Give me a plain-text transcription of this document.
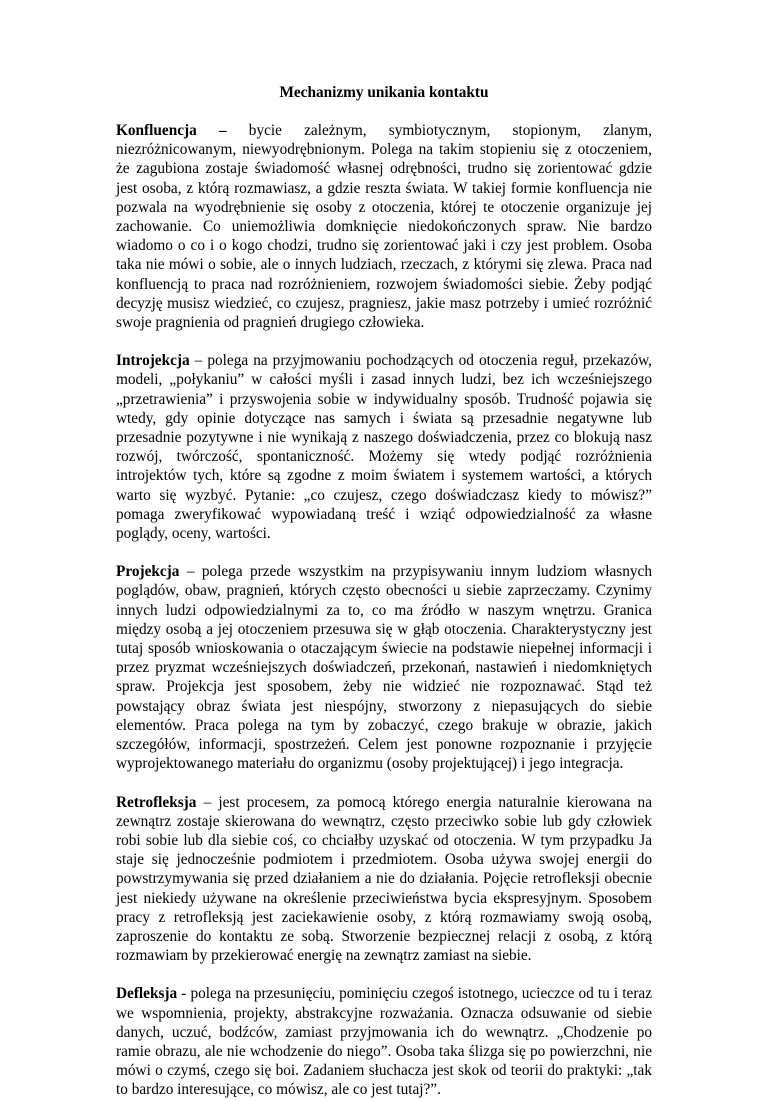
Mechanizmy unikania kontaktu

Konfluencja – bycie zależnym, symbiotycznym, stopionym, zlanym, niezróżnicowanym, niewyodrębnionym. Polega na takim stopieniu się z otoczeniem, że zagubiona zostaje świadomość własnej odrębności, trudno się zorientować gdzie jest osoba, z którą rozmawiasz, a gdzie reszta świata. W takiej formie konfluencja nie pozwala na wyodrębnienie się osoby z otoczenia, której te otoczenie organizuje jej zachowanie. Co uniemożliwia domknięcie niedokończonych spraw. Nie bardzo wiadomo o co i o kogo chodzi, trudno się zorientować jaki i czy jest problem. Osoba taka nie mówi o sobie, ale o innych ludziach, rzeczach, z którymi się zlewa. Praca nad konfluencją to praca nad rozróżnieniem, rozwojem świadomości siebie. Żeby podjąć decyzję musisz wiedzieć, co czujesz, pragniesz, jakie masz potrzeby i umieć rozróżnić swoje pragnienia od pragnień drugiego człowieka.

Introjekcja – polega na przyjmowaniu pochodzących od otoczenia reguł, przekazów, modeli, „połykaniu” w całości myśli i zasad innych ludzi, bez ich wcześniejszego „przetrawienia” i przyswojenia sobie w indywidualny sposób. Trudność pojawia się wtedy, gdy opinie dotyczące nas samych i świata są przesadnie negatywne lub przesadnie pozytywne i nie wynikają z naszego doświadczenia, przez co blokują nasz rozwój, twórczość, spontaniczność. Możemy się wtedy podjąć rozróżnienia introjektów tych, które są zgodne z moim światem i systemem wartości, a których warto się wyzbyć. Pytanie: „co czujesz, czego doświadczasz kiedy to mówisz?” pomaga zweryfikować wypowiadaną treść i wziąć odpowiedzialność za własne poglądy, oceny, wartości.

Projekcja – polega przede wszystkim na przypisywaniu innym ludziom własnych poglądów, obaw, pragnień, których często obecności u siebie zaprzeczamy. Czynimy innych ludzi odpowiedzialnymi za to, co ma źródło w naszym wnętrzu. Granica między osobą a jej otoczeniem przesuwa się w głąb otoczenia. Charakterystyczny jest tutaj sposób wnioskowania o otaczającym świecie na podstawie niepełnej informacji i przez pryzmat wcześniejszych doświadczeń, przekonań, nastawień i niedomkniętych spraw. Projekcja jest sposobem, żeby nie widzieć nie rozpoznawać. Stąd też powstający obraz świata jest niespójny, stworzony z niepasujących do siebie elementów. Praca polega na tym by zobaczyć, czego brakuje w obrazie, jakich szczegółów, informacji, spostrzeżeń. Celem jest ponowne rozpoznanie i przyjęcie wyprojektowanego materiału do organizmu (osoby projektującej) i jego integracja.

Retrofleksja – jest procesem, za pomocą którego energia naturalnie kierowana na zewnątrz zostaje skierowana do wewnątrz, często przeciwko sobie lub gdy człowiek robi sobie lub dla siebie coś, co chciałby uzyskać od otoczenia. W tym przypadku Ja staje się jednocześnie podmiotem i przedmiotem. Osoba używa swojej energii do powstrzymywania się przed działaniem a nie do działania. Pojęcie retrofleksji obecnie jest niekiedy używane na określenie przeciwieństwa bycia ekspresyjnym. Sposobem pracy z retrofleksją jest zaciekawienie osoby, z którą rozmawiamy swoją osobą, zaproszenie do kontaktu ze sobą. Stworzenie bezpiecznej relacji z osobą, z którą rozmawiam by przekierować energię na zewnątrz zamiast na siebie.

Defleksja - polega na przesunięciu, pominięciu czegoś istotnego, ucieczce od tu i teraz we wspomnienia, projekty, abstrakcyjne rozważania. Oznacza odsuwanie od siebie danych, uczuć, bodźców, zamiast przyjmowania ich do wewnątrz. „Chodzenie po ramie obrazu, ale nie wchodzenie do niego”. Osoba taka ślizga się po powierzchni, nie mówi o czymś, czego się boi. Zadaniem słuchacza jest skok od teorii do praktyki: „tak to bardzo interesujące, co mówisz, ale co jest tutaj?”.
